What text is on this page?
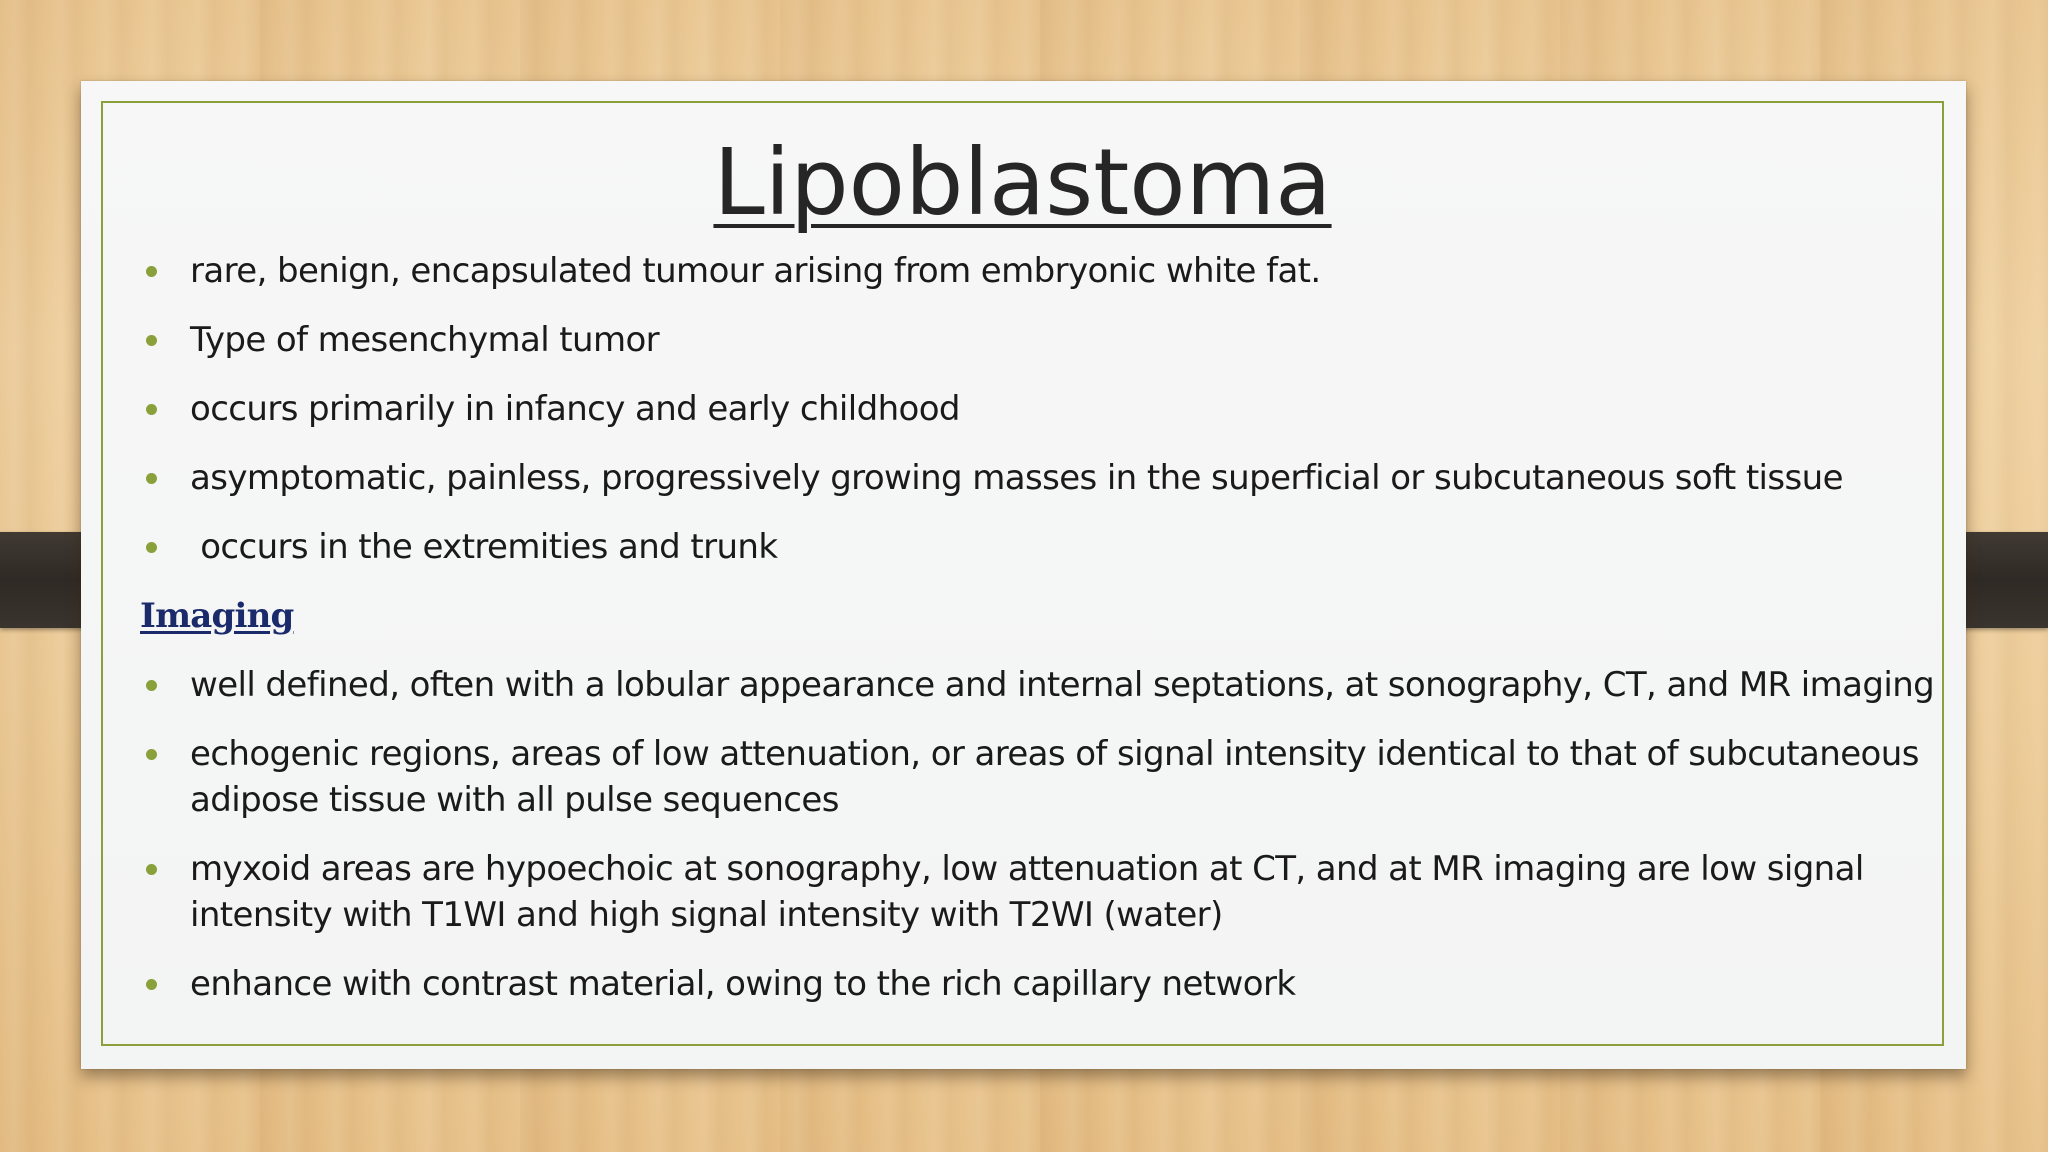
Lipoblastoma
rare, benign, encapsulated tumour arising from embryonic white fat.
Type of mesenchymal tumor
occurs primarily in infancy and early childhood
asymptomatic, painless, progressively growing masses in the superficial or subcutaneous soft tissue
occurs in the extremities and trunk
Imaging
well defined, often with a lobular appearance and internal septations, at sonography, CT, and MR imaging
echogenic regions, areas of low attenuation, or areas of signal intensity identical to that of subcutaneous adipose tissue with all pulse sequences
myxoid areas are hypoechoic at sonography, low attenuation at CT, and at MR imaging are low signal intensity with T1WI and high signal intensity with T2WI (water)
enhance with contrast material, owing to the rich capillary network
